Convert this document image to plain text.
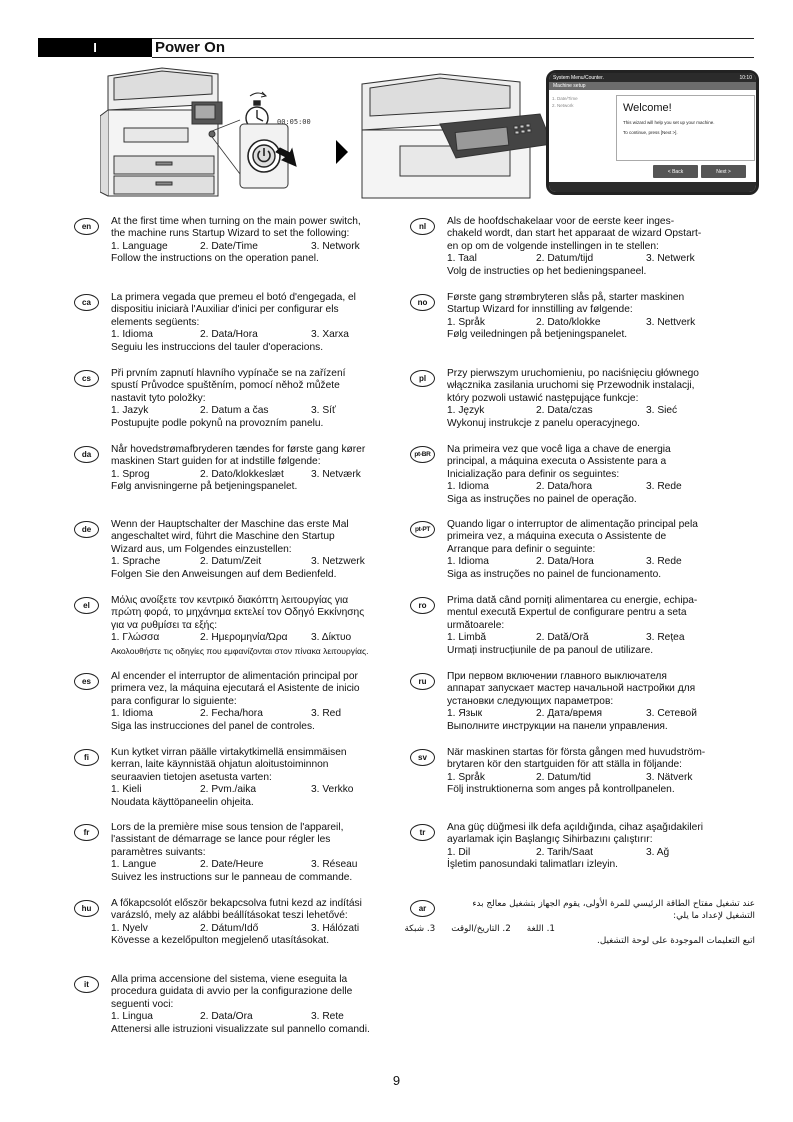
I	Power On
00:05:00
System Menu/Counter.	10:10
Machine setup
1. Date/Time
2. Network	Welcome!

This wizard will help you set up your machine.

To continue, press [Next >].

< Back	Next >
en	At the first time when turning on the main power switch,
the machine runs Startup Wizard to set the following:
1. Language	2. Date/Time	3. Network
Follow the instructions on the operation panel.
ca	La primera vegada que premeu el botó d'engegada, el
dispositiu iniciarà l'Auxiliar d'inici per configurar els
elements següents:
1. Idioma	2. Data/Hora	3. Xarxa
Seguiu les instruccions del tauler d'operacions.
cs	Při prvním zapnutí hlavního vypínače se na zařízení
spustí Průvodce spuštěním, pomocí něhož můžete
nastavit tyto položky:
1. Jazyk	2. Datum a čas	3. Síť
Postupujte podle pokynů na provozním panelu.
da	Når hovedstrømafbryderen tændes for første gang kører
maskinen Start guiden for at indstille følgende:
1. Sprog	2. Dato/klokkeslæt	3. Netværk
Følg anvisningerne på betjeningspanelet.
de	Wenn der Hauptschalter der Maschine das erste Mal
angeschaltet wird, führt die Maschine den Startup
Wizard aus, um Folgendes einzustellen:
1. Sprache	2. Datum/Zeit	3. Netzwerk
Folgen Sie den Anweisungen auf dem Bedienfeld.
el	Μόλις ανοίξετε τον κεντρικό διακόπτη λειτουργίας για
πρώτη φορά, το μηχάνημα εκτελεί τον Οδηγό Εκκίνησης
για να ρυθμίσει τα εξής:
1. Γλώσσα	2. Ημερομηνία/Ώρα	3. Δίκτυο
Ακολουθήστε τις οδηγίες που εμφανίζονται στον πίνακα λειτουργίας.
es	Al encender el interruptor de alimentación principal por
primera vez, la máquina ejecutará el Asistente de inicio
para configurar lo siguiente:
1. Idioma	2. Fecha/hora	3. Red
Siga las instrucciones del panel de controles.
fi	Kun kytket virran päälle virtakytkimellä ensimmäisen
kerran, laite käynnistää ohjatun aloitustoiminnon
seuraavien tietojen asetusta varten:
1. Kieli	2. Pvm./aika	3. Verkko
Noudata käyttöpaneelin ohjeita.
fr	Lors de la première mise sous tension de l'appareil,
l'assistant de démarrage se lance pour régler les
paramètres suivants:
1. Langue	2. Date/Heure	3. Réseau
Suivez les instructions sur le panneau de commande.
hu	A főkapcsolót először bekapcsolva futni kezd az indítási
varázsló, mely az alábbi beállításokat teszi lehetővé:
1. Nyelv	2. Dátum/Idő	3. Hálózati
Kövesse a kezelőpulton megjelenő utasításokat.
it	Alla prima accensione del sistema, viene eseguita la
procedura guidata di avvio per la configurazione delle
seguenti voci:
1. Lingua	2. Data/Ora	3. Rete
Attenersi alle istruzioni visualizzate sul pannello comandi.
nl	Als de hoofdschakelaar voor de eerste keer inges-
chakeld wordt, dan start het apparaat de wizard Opstart-
en op om de volgende instellingen in te stellen:
1. Taal	2. Datum/tijd	3. Netwerk
Volg de instructies op het bedieningspaneel.
no	Første gang strømbryteren slås på, starter maskinen
Startup Wizard for innstilling av følgende:
1. Språk	2. Dato/klokke	3. Nettverk
Følg veiledningen på betjeningspanelet.
pl	Przy pierwszym uruchomieniu, po naciśnięciu głównego
włącznika zasilania uruchomi się Przewodnik instalacji,
który pozwoli ustawić następujące funkcje:
1. Język	2. Data/czas	3. Sieć
Wykonuj instrukcje z panelu operacyjnego.
pt-BR	Na primeira vez que você liga a chave de energia
principal, a máquina executa o Assistente para a
Inicialização para definir os seguintes:
1. Idioma	2. Data/hora	3. Rede
Siga as instruções no painel de operação.
pt-PT	Quando ligar o interruptor de alimentação principal pela
primeira vez, a máquina executa o Assistente de
Arranque para definir o seguinte:
1. Idioma	2. Data/Hora	3. Rede
Siga as instruções no painel de funcionamento.
ro	Prima dată când porniți alimentarea cu energie, echipa-
mentul execută Expertul de configurare pentru a seta
următoarele:
1. Limbă	2. Dată/Oră	3. Rețea
Urmați instrucțiunile de pa panoul de utilizare.
ru	При первом включении главного выключателя
аппарат запускает мастер начальной настройки для
установки следующих параметров:
1. Язык	2. Дата/время	3. Сетевой
Выполните инструкции на панели управления.
sv	När maskinen startas för första gången med huvudström-
brytaren kör den startguiden för att ställa in följande:
1. Språk	2. Datum/tid	3. Nätverk
Följ instruktionerna som anges på kontrollpanelen.
tr	Ana güç düğmesi ilk defa açıldığında, cihaz aşağıdakileri
ayarlamak için Başlangıç Sihirbazını çalıştırır:
1. Dil	2. Tarih/Saat	3. Ağ
İşletim panosundaki talimatları izleyin.
ar	عند تشغيل مفتاح الطاقة الرئيسي للمرة الأولى، يقوم الجهاز بتشغيل معالج بدء
التشغيل لإعداد ما يلي:
1. اللغة
2. التاريخ/الوقت
3. شبكة
اتبع التعليمات الموجودة على لوحة التشغيل.
9
